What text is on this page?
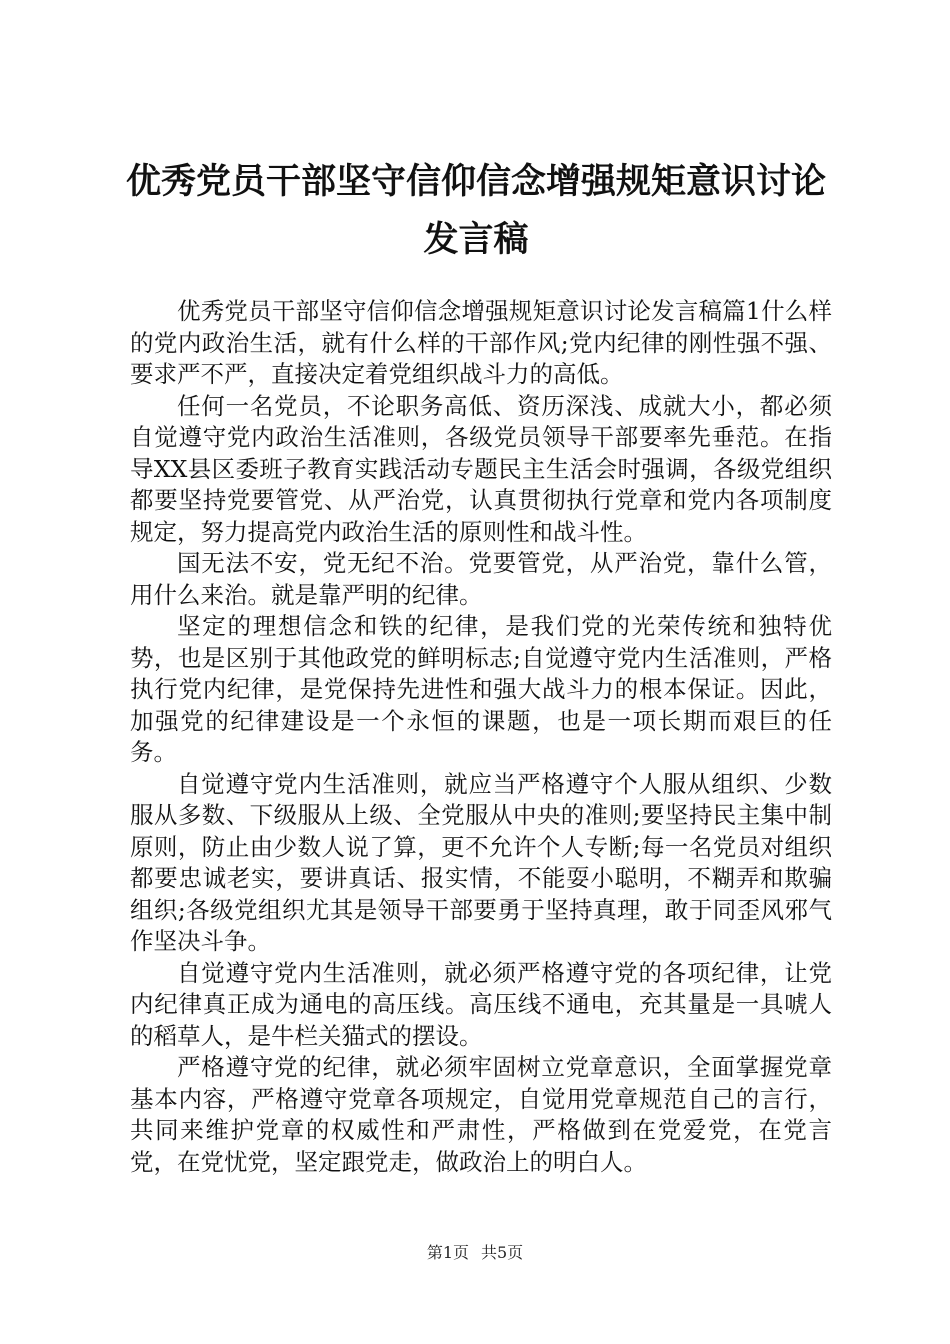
优秀党员干部坚守信仰信念增强规矩意识讨论
发言稿

优秀党员干部坚守信仰信念增强规矩意识讨论发言稿篇1什么样的党内政治生活，就有什么样的干部作风;党内纪律的刚性强不强、要求严不严，直接决定着党组织战斗力的高低。

任何一名党员，不论职务高低、资历深浅、成就大小，都必须自觉遵守党内政治生活准则，各级党员领导干部要率先垂范。在指导XX县区委班子教育实践活动专题民主生活会时强调，各级党组织都要坚持党要管党、从严治党，认真贯彻执行党章和党内各项制度规定，努力提高党内政治生活的原则性和战斗性。

国无法不安，党无纪不治。党要管党，从严治党，靠什么管，用什么来治。就是靠严明的纪律。

坚定的理想信念和铁的纪律，是我们党的光荣传统和独特优势，也是区别于其他政党的鲜明标志;自觉遵守党内生活准则，严格执行党内纪律，是党保持先进性和强大战斗力的根本保证。因此，加强党的纪律建设是一个永恒的课题，也是一项长期而艰巨的任务。

自觉遵守党内生活准则，就应当严格遵守个人服从组织、少数服从多数、下级服从上级、全党服从中央的准则;要坚持民主集中制原则，防止由少数人说了算，更不允许个人专断;每一名党员对组织都要忠诚老实，要讲真话、报实情，不能耍小聪明，不糊弄和欺骗组织;各级党组织尤其是领导干部要勇于坚持真理，敢于同歪风邪气作坚决斗争。

自觉遵守党内生活准则，就必须严格遵守党的各项纪律，让党内纪律真正成为通电的高压线。高压线不通电，充其量是一具唬人的稻草人，是牛栏关猫式的摆设。

严格遵守党的纪律，就必须牢固树立党章意识，全面掌握党章基本内容，严格遵守党章各项规定，自觉用党章规范自己的言行，共同来维护党章的权威性和严肃性，严格做到在党爱党，在党言党，在党忧党，坚定跟党走，做政治上的明白人。

第1页 共5页
